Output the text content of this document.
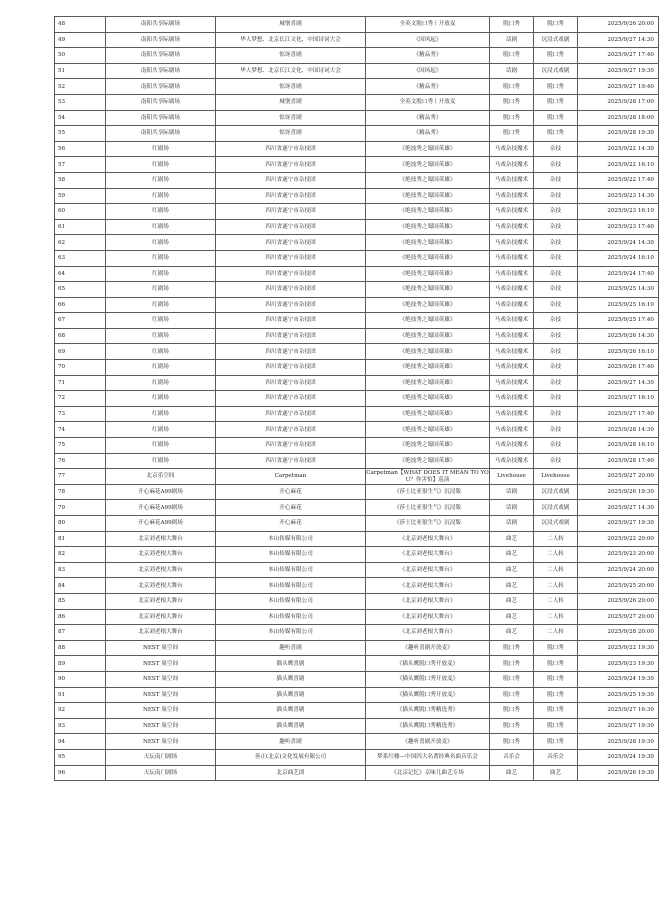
48	南阳共享际剧场	城堡喜剧	全英文脱口秀丨开放麦	脱口秀	脱口秀	2025/9/26 20:00
49	南阳共享际剧场	华人梦想、北京长江文化、中国诗词大会	《因风起》	话剧	沉浸式戏剧	2025/9/27 14:30
50	南阳共享际剧场	惊讶喜剧	《精品秀》	脱口秀	脱口秀	2025/9/27 17:40
51	南阳共享际剧场	华人梦想、北京长江文化、中国诗词大会	《因风起》	话剧	沉浸式戏剧	2025/9/27 19:30
52	南阳共享际剧场	惊讶喜剧	《精品秀》	脱口秀	脱口秀	2025/9/27 19:40
53	南阳共享际剧场	城堡喜剧	全英文脱口秀丨开放麦	脱口秀	脱口秀	2025/9/28 17:00
54	南阳共享际剧场	惊讶喜剧	《精品秀》	脱口秀	脱口秀	2025/9/28 18:00
55	南阳共享际剧场	惊讶喜剧	《精品秀》	脱口秀	脱口秀	2025/9/28 19:30
56	红剧场	四川省遂宁市杂技团	《绝技秀之蜀国英雄》	马戏杂技魔术	杂技	2025/9/22 14:30
57	红剧场	四川省遂宁市杂技团	《绝技秀之蜀国英雄》	马戏杂技魔术	杂技	2025/9/22 16:10
58	红剧场	四川省遂宁市杂技团	《绝技秀之蜀国英雄》	马戏杂技魔术	杂技	2025/9/22 17:40
59	红剧场	四川省遂宁市杂技团	《绝技秀之蜀国英雄》	马戏杂技魔术	杂技	2025/9/23 14:30
60	红剧场	四川省遂宁市杂技团	《绝技秀之蜀国英雄》	马戏杂技魔术	杂技	2025/9/23 16:10
61	红剧场	四川省遂宁市杂技团	《绝技秀之蜀国英雄》	马戏杂技魔术	杂技	2025/9/23 17:40
62	红剧场	四川省遂宁市杂技团	《绝技秀之蜀国英雄》	马戏杂技魔术	杂技	2025/9/24 14:30
63	红剧场	四川省遂宁市杂技团	《绝技秀之蜀国英雄》	马戏杂技魔术	杂技	2025/9/24 16:10
64	红剧场	四川省遂宁市杂技团	《绝技秀之蜀国英雄》	马戏杂技魔术	杂技	2025/9/24 17:40
65	红剧场	四川省遂宁市杂技团	《绝技秀之蜀国英雄》	马戏杂技魔术	杂技	2025/9/25 14:30
66	红剧场	四川省遂宁市杂技团	《绝技秀之蜀国英雄》	马戏杂技魔术	杂技	2025/9/25 16:10
67	红剧场	四川省遂宁市杂技团	《绝技秀之蜀国英雄》	马戏杂技魔术	杂技	2025/9/25 17:40
68	红剧场	四川省遂宁市杂技团	《绝技秀之蜀国英雄》	马戏杂技魔术	杂技	2025/9/26 14:30
69	红剧场	四川省遂宁市杂技团	《绝技秀之蜀国英雄》	马戏杂技魔术	杂技	2025/9/26 16:10
70	红剧场	四川省遂宁市杂技团	《绝技秀之蜀国英雄》	马戏杂技魔术	杂技	2025/9/26 17:40
71	红剧场	四川省遂宁市杂技团	《绝技秀之蜀国英雄》	马戏杂技魔术	杂技	2025/9/27 14:30
72	红剧场	四川省遂宁市杂技团	《绝技秀之蜀国英雄》	马戏杂技魔术	杂技	2025/9/27 16:10
73	红剧场	四川省遂宁市杂技团	《绝技秀之蜀国英雄》	马戏杂技魔术	杂技	2025/9/27 17:40
74	红剧场	四川省遂宁市杂技团	《绝技秀之蜀国英雄》	马戏杂技魔术	杂技	2025/9/28 14:30
75	红剧场	四川省遂宁市杂技团	《绝技秀之蜀国英雄》	马戏杂技魔术	杂技	2025/9/28 16:10
76	红剧场	四川省遂宁市杂技团	《绝技秀之蜀国英雄》	马戏杂技魔术	杂技	2025/9/28 17:40
77	北京乐空间	Carpetman	Carpetman【WHAT DOES IT MEAN TO YOU？你害怕】巡演	Livehouse	Livehouse	2025/9/27 20:00
78	开心麻花A99剧场	开心麻花	《莎士比亚很生气》沉浸版	话剧	沉浸式戏剧	2025/9/26 19:30
79	开心麻花A99剧场	开心麻花	《莎士比亚很生气》沉浸版	话剧	沉浸式戏剧	2025/9/27 14:30
80	开心麻花A99剧场	开心麻花	《莎士比亚很生气》沉浸版	话剧	沉浸式戏剧	2025/9/27 19:30
81	北京刘老根大舞台	本山传媒有限公司	《北京刘老根大舞台》	曲艺	二人转	2025/9/22 20:00
82	北京刘老根大舞台	本山传媒有限公司	《北京刘老根大舞台》	曲艺	二人转	2025/9/23 20:00
83	北京刘老根大舞台	本山传媒有限公司	《北京刘老根大舞台》	曲艺	二人转	2025/9/24 20:00
84	北京刘老根大舞台	本山传媒有限公司	《北京刘老根大舞台》	曲艺	二人转	2025/9/25 20:00
85	北京刘老根大舞台	本山传媒有限公司	《北京刘老根大舞台》	曲艺	二人转	2025/9/26 20:00
86	北京刘老根大舞台	本山传媒有限公司	《北京刘老根大舞台》	曲艺	二人转	2025/9/27 20:00
87	北京刘老根大舞台	本山传媒有限公司	《北京刘老根大舞台》	曲艺	二人转	2025/9/28 20:00
88	NEST 巢空间	趣听喜剧	《趣听喜剧开放麦》	脱口秀	脱口秀	2025/9/22 19:30
89	NEST 巢空间	猫头鹰喜剧	《猫头鹰脱口秀开放麦》	脱口秀	脱口秀	2025/9/23 19:30
90	NEST 巢空间	猫头鹰喜剧	《猫头鹰脱口秀开放麦》	脱口秀	脱口秀	2025/9/24 19:30
91	NEST 巢空间	猫头鹰喜剧	《猫头鹰脱口秀开放麦》	脱口秀	脱口秀	2025/9/25 19:30
92	NEST 巢空间	猫头鹰喜剧	《猫头鹰脱口秀精选秀》	脱口秀	脱口秀	2025/9/27 16:30
93	NEST 巢空间	猫头鹰喜剧	《猫头鹰脱口秀精选秀》	脱口秀	脱口秀	2025/9/27 19:30
94	NEST 巢空间	趣听喜剧	《趣听喜剧开放麦》	脱口秀	脱口秀	2025/9/28 19:30
95	天坛南门剧场	善正(北京)文化发展有限公司	梦系红楼—中国四大名著经典名曲音乐会	音乐会	音乐会	2025/9/24 19:30
96	天坛南门剧场	北京曲艺团	《北京记忆》京味儿曲艺专场	曲艺	曲艺	2025/9/26 19:30
